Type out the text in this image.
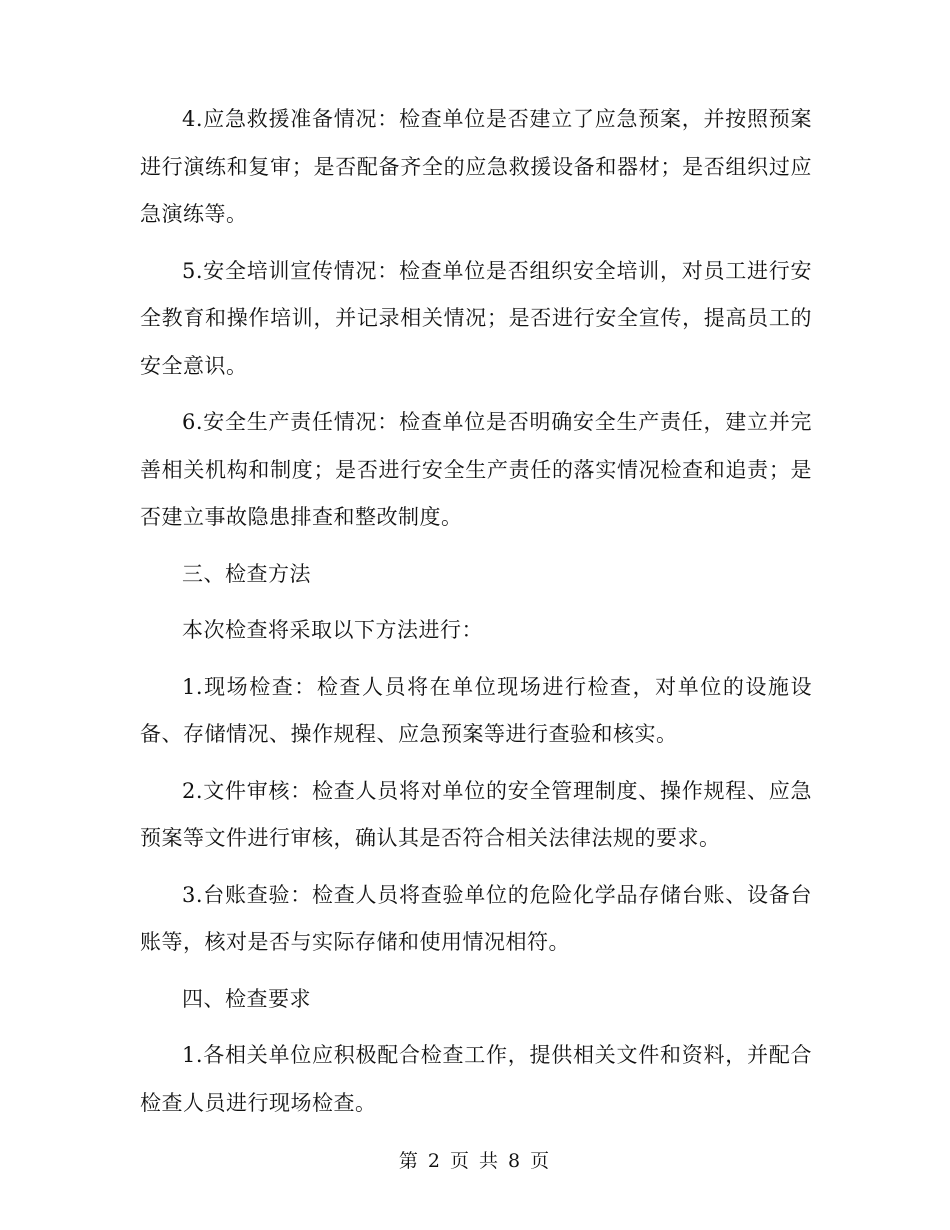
4.应急救援准备情况：检查单位是否建立了应急预案，并按照预案进行演练和复审；是否配备齐全的应急救援设备和器材；是否组织过应急演练等。

5.安全培训宣传情况：检查单位是否组织安全培训，对员工进行安全教育和操作培训，并记录相关情况；是否进行安全宣传，提高员工的安全意识。

6.安全生产责任情况：检查单位是否明确安全生产责任，建立并完善相关机构和制度；是否进行安全生产责任的落实情况检查和追责；是否建立事故隐患排查和整改制度。

三、检查方法

本次检查将采取以下方法进行：

1.现场检查：检查人员将在单位现场进行检查，对单位的设施设备、存储情况、操作规程、应急预案等进行查验和核实。

2.文件审核：检查人员将对单位的安全管理制度、操作规程、应急预案等文件进行审核，确认其是否符合相关法律法规的要求。

3.台账查验：检查人员将查验单位的危险化学品存储台账、设备台账等，核对是否与实际存储和使用情况相符。

四、检查要求

1.各相关单位应积极配合检查工作，提供相关文件和资料，并配合检查人员进行现场检查。

第 2 页 共 8 页
